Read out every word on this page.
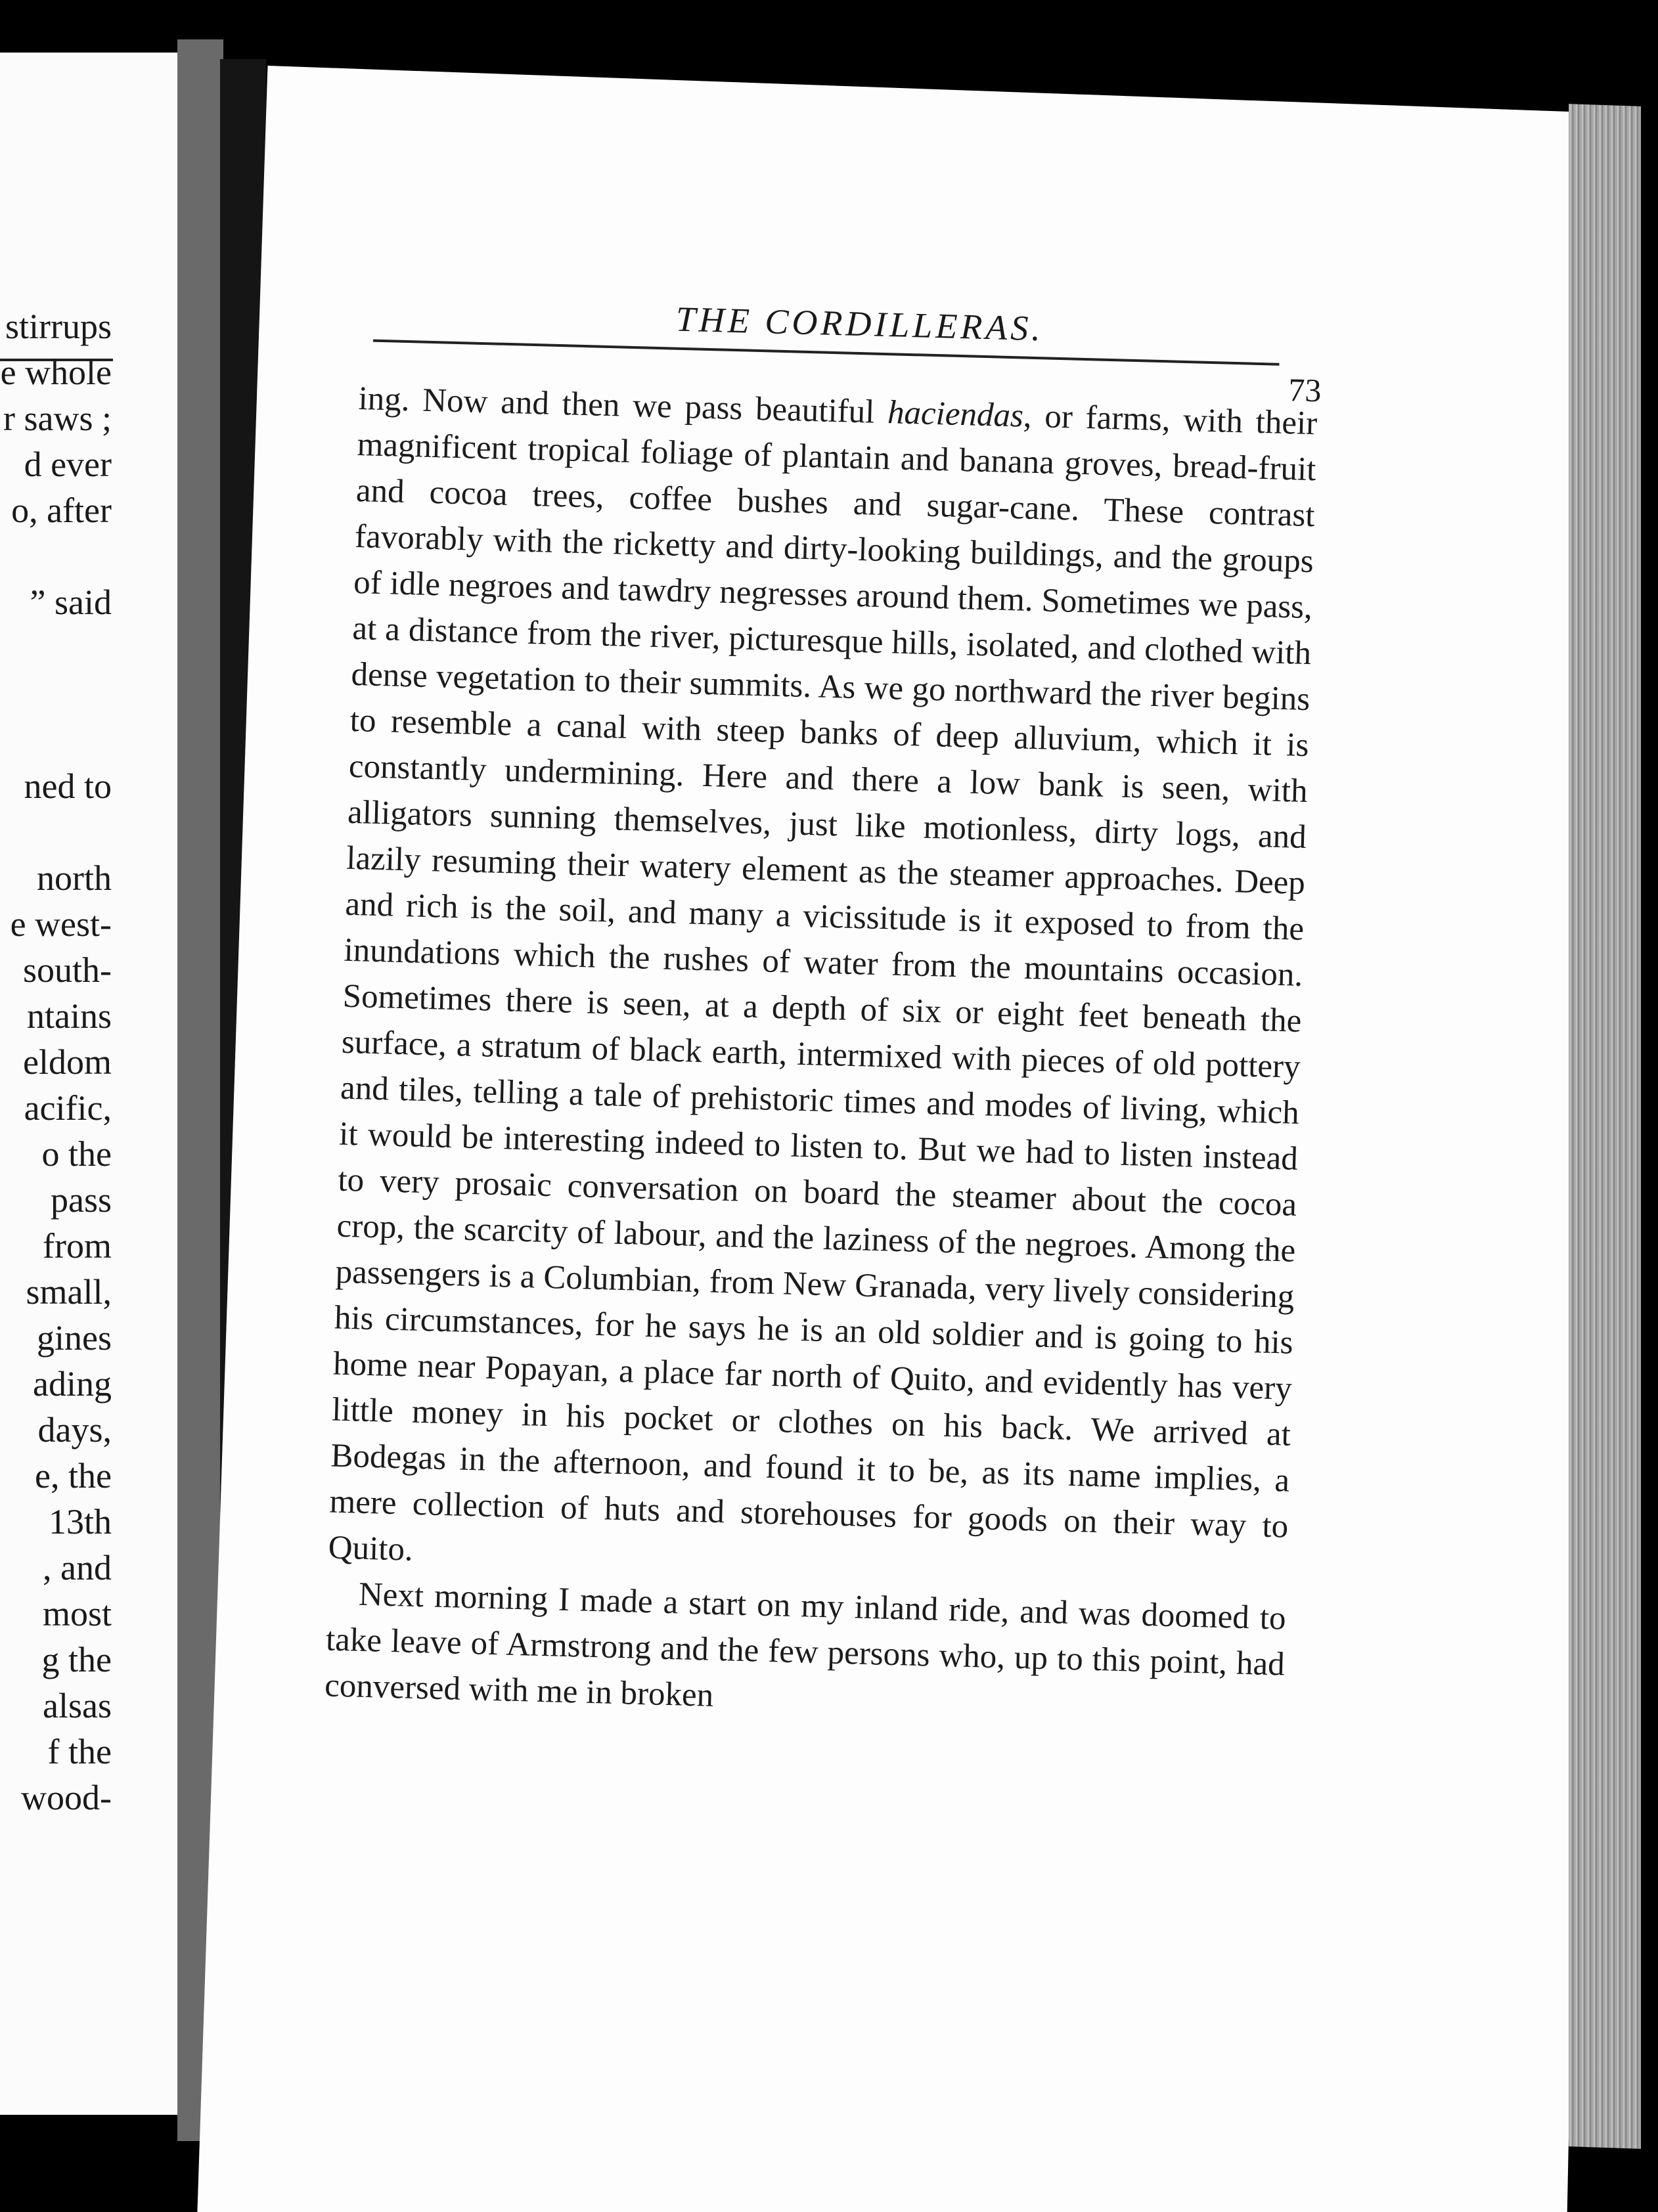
stirrups
e whole
r saws ;
d ever
o, after
” said
ned to
north
e west-
south-
ntains
eldom
acific,
o the
pass
from
small,
gines
ading
days,
e, the
13th
, and
most
g the
alsas
f the
wood-
THE CORDILLERAS.
73

ing. Now and then we pass beautiful haciendas, or farms, with their magnificent tropical foliage of plantain and banana groves, bread-fruit and cocoa trees, coffee bushes and sugar-cane. These contrast favorably with the ricketty and dirty-looking buildings, and the groups of idle negroes and tawdry negresses around them. Sometimes we pass, at a distance from the river, picturesque hills, isolated, and clothed with dense vegetation to their summits. As we go northward the river begins to resemble a canal with steep banks of deep alluvium, which it is constantly undermining. Here and there a low bank is seen, with alligators sunning themselves, just like motionless, dirty logs, and lazily resuming their watery element as the steamer approaches. Deep and rich is the soil, and many a vicissitude is it exposed to from the inundations which the rushes of water from the mountains occasion. Sometimes there is seen, at a depth of six or eight feet beneath the surface, a stratum of black earth, intermixed with pieces of old pottery and tiles, telling a tale of prehistoric times and modes of living, which it would be interesting indeed to listen to. But we had to listen instead to very prosaic conversation on board the steamer about the cocoa crop, the scarcity of labour, and the laziness of the negroes. Among the passengers is a Columbian, from New Granada, very lively considering his circumstances, for he says he is an old soldier and is going to his home near Popayan, a place far north of Quito, and evidently has very little money in his pocket or clothes on his back. We arrived at Bodegas in the afternoon, and found it to be, as its name implies, a mere collection of huts and storehouses for goods on their way to Quito.

Next morning I made a start on my inland ride, and was doomed to take leave of Armstrong and the few persons who, up to this point, had conversed with me in broken
